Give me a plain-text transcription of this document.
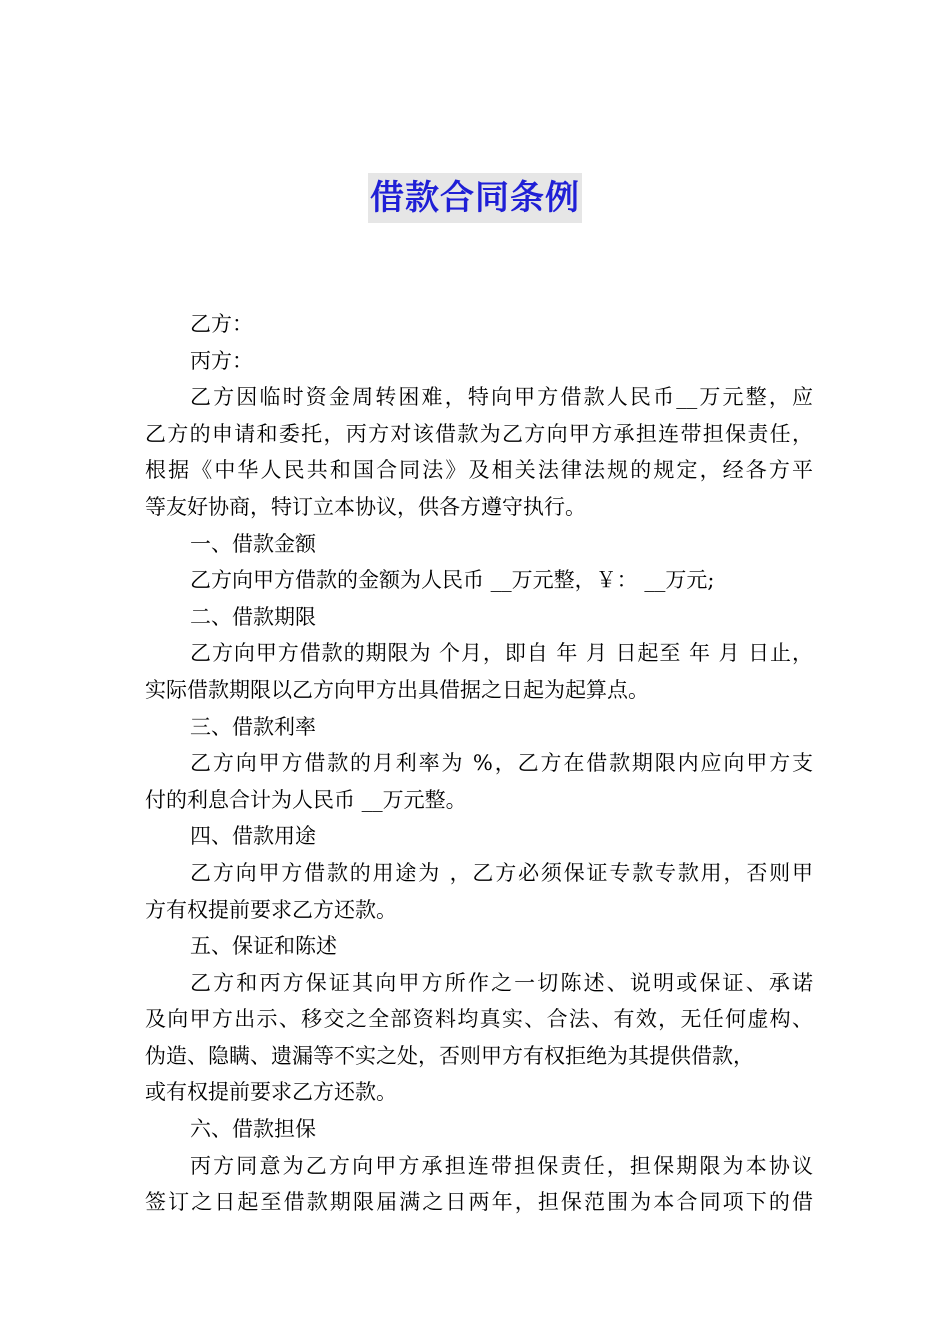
借款合同条例
乙方：
丙方：
乙方因临时资金周转困难，特向甲方借款人民币__万元整，应
乙方的申请和委托，丙方对该借款为乙方向甲方承担连带担保责任，
根据《中华人民共和国合同法》及相关法律法规的规定，经各方平
等友好协商，特订立本协议，供各方遵守执行。
一、借款金额
乙方向甲方借款的金额为人民币 __万元整，￥： __万元;
二、借款期限
乙方向甲方借款的期限为 个月，即自 年 月 日起至 年 月 日止，
实际借款期限以乙方向甲方出具借据之日起为起算点。
三、借款利率
乙方向甲方借款的月利率为 %，乙方在借款期限内应向甲方支
付的利息合计为人民币 __万元整。
四、借款用途
乙方向甲方借款的用途为 ，乙方必须保证专款专款用，否则甲
方有权提前要求乙方还款。
五、保证和陈述
乙方和丙方保证其向甲方所作之一切陈述、说明或保证、承诺
及向甲方出示、移交之全部资料均真实、合法、有效，无任何虚构、
伪造、隐瞒、遗漏等不实之处，否则甲方有权拒绝为其提供借款，
或有权提前要求乙方还款。
六、借款担保
丙方同意为乙方向甲方承担连带担保责任，担保期限为本协议
签订之日起至借款期限届满之日两年，担保范围为本合同项下的借
